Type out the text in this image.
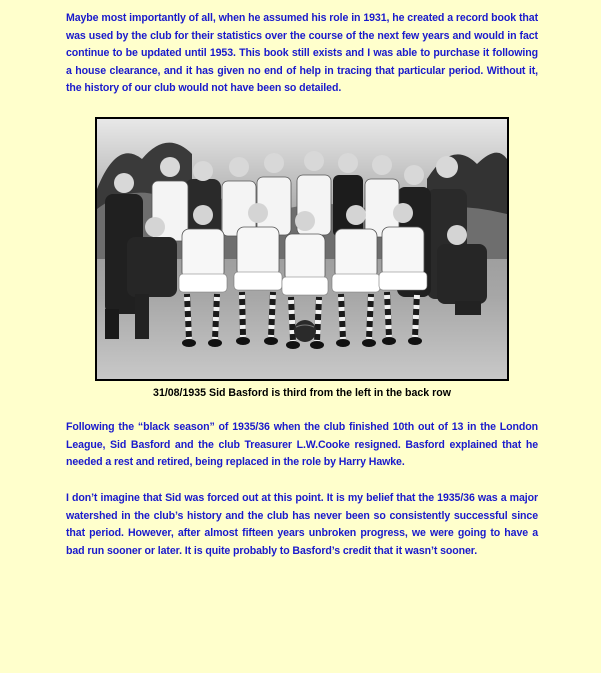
Maybe most importantly of all, when he assumed his role in 1931, he created a record book that was used by the club for their statistics over the course of the next few years and would in fact continue to be updated until 1953. This book still exists and I was able to purchase it following a house clearance, and it has given no end of help in tracing that particular period. Without it, the history of our club would not have been so detailed.

31/08/1935 Sid Basford is third from the left in the back row

Following the “black season” of 1935/36 when the club finished 10th out of 13 in the London League, Sid Basford and the club Treasurer L.W.Cooke resigned. Basford explained that he needed a rest and retired, being replaced in the role by Harry Hawke.

I don’t imagine that Sid was forced out at this point. It is my belief that the 1935/36 was a major watershed in the club’s history and the club has never been so consistently successful since that period. However, after almost fifteen years unbroken progress, we were going to have a bad run sooner or later. It is quite probably to Basford’s credit that it wasn’t sooner.
